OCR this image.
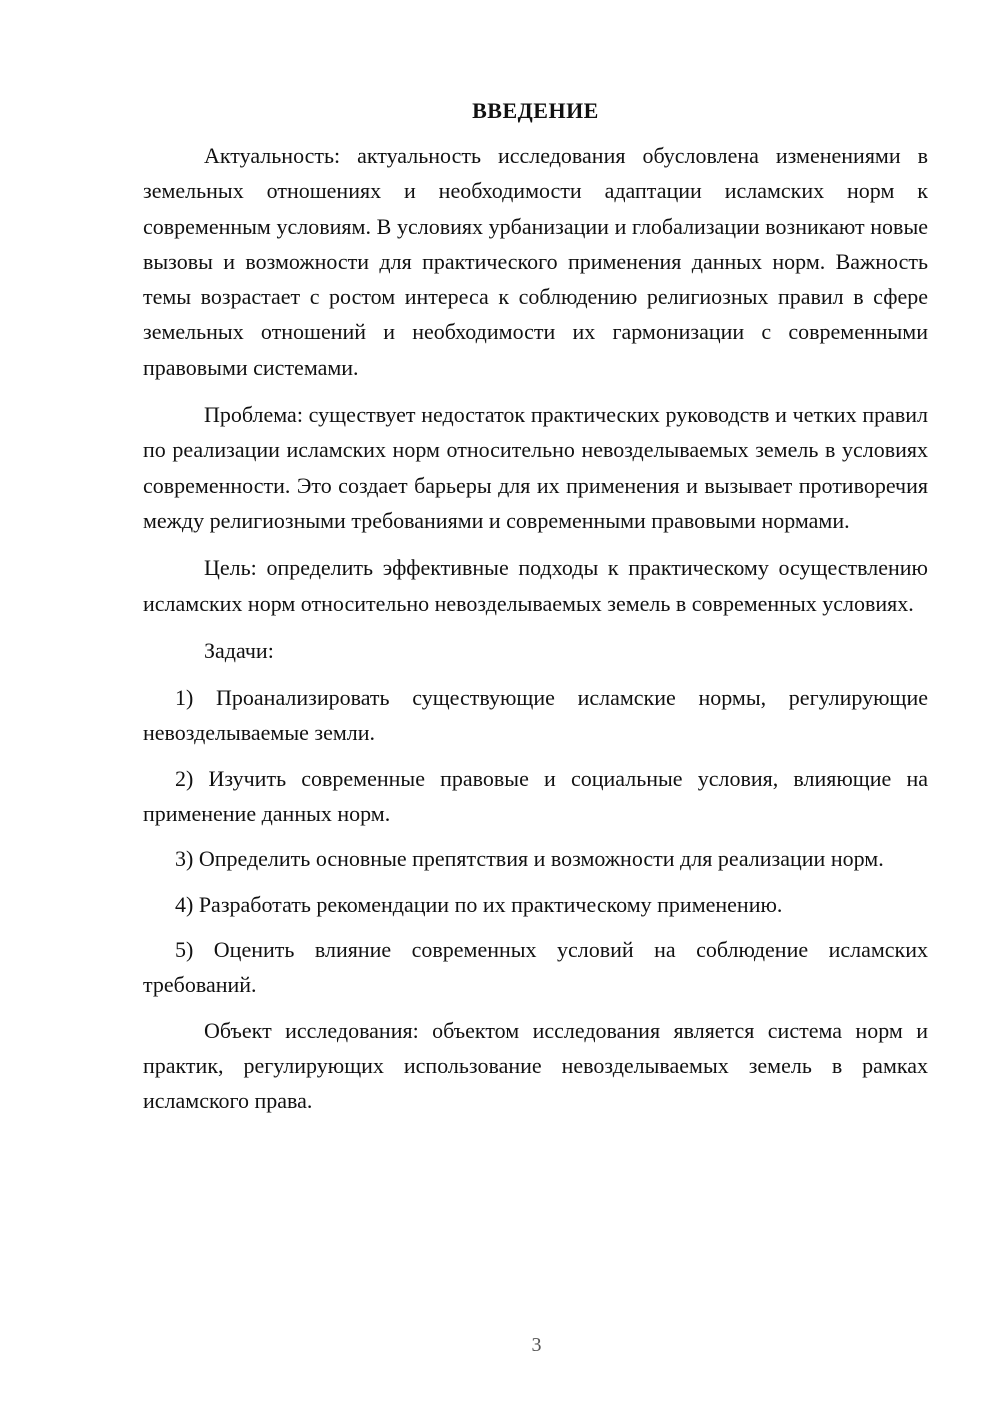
ВВЕДЕНИЕ

Актуальность: актуальность исследования обусловлена изменениями в земельных отношениях и необходимости адаптации исламских норм к современным условиям. В условиях урбанизации и глобализации возникают новые вызовы и возможности для практического применения данных норм. Важность темы возрастает с ростом интереса к соблюдению религиозных правил в сфере земельных отношений и необходимости их гармонизации с современными правовыми системами.

Проблема: существует недостаток практических руководств и четких правил по реализации исламских норм относительно невозделываемых земель в условиях современности. Это создает барьеры для их применения и вызывает противоречия между религиозными требованиями и современными правовыми нормами.

Цель: определить эффективные подходы к практическому осуществлению исламских норм относительно невозделываемых земель в современных условиях.

Задачи:

1) Проанализировать существующие исламские нормы, регулирующие невозделываемые земли.

2) Изучить современные правовые и социальные условия, влияющие на применение данных норм.

3) Определить основные препятствия и возможности для реализации норм.

4) Разработать рекомендации по их практическому применению.

5) Оценить влияние современных условий на соблюдение исламских требований.

Объект исследования: объектом исследования является система норм и практик, регулирующих использование невозделываемых земель в рамках исламского права.

3
